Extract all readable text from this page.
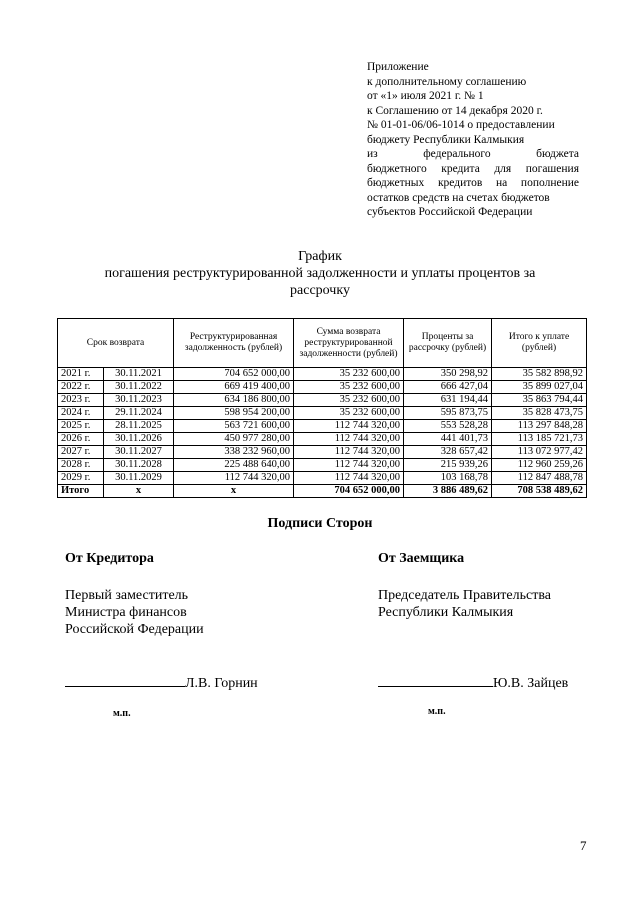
Приложение
к дополнительному соглашению
от «1» июля 2021 г. № 1
к Соглашению от 14 декабря 2020 г.
№ 01-01-06/06-1014 о предоставлении
бюджету Республики Калмыкия
из федерального бюджета
бюджетного кредита для погашения
бюджетных кредитов на пополнение
остатков средств на счетах бюджетов
субъектов Российской Федерации
График
погашения реструктурированной задолженности и уплаты процентов за
рассрочку
Срок возврата		Реструктурированная задолженность (рублей)	Сумма возврата реструктурированной задолженности (рублей)	Проценты за рассрочку (рублей)	Итого к уплате (рублей)
2021 г.	30.11.2021	704 652 000,00	35 232 600,00	350 298,92	35 582 898,92
2022 г.	30.11.2022	669 419 400,00	35 232 600,00	666 427,04	35 899 027,04
2023 г.	30.11.2023	634 186 800,00	35 232 600,00	631 194,44	35 863 794,44
2024 г.	29.11.2024	598 954 200,00	35 232 600,00	595 873,75	35 828 473,75
2025 г.	28.11.2025	563 721 600,00	112 744 320,00	553 528,28	113 297 848,28
2026 г.	30.11.2026	450 977 280,00	112 744 320,00	441 401,73	113 185 721,73
2027 г.	30.11.2027	338 232 960,00	112 744 320,00	328 657,42	113 072 977,42
2028 г.	30.11.2028	225 488 640,00	112 744 320,00	215 939,26	112 960 259,26
2029 г.	30.11.2029	112 744 320,00	112 744 320,00	103 168,78	112 847 488,78
Итого	x	x	704 652 000,00	3 886 489,62	708 538 489,62
Подписи Сторон
От Кредитора
Первый заместитель
Министра финансов
Российской Федерации
От Заемщика
Председатель Правительства
Республики Калмыкия
Л.В. Горнин	Ю.В. Зайцев
м.п.	м.п.
7
